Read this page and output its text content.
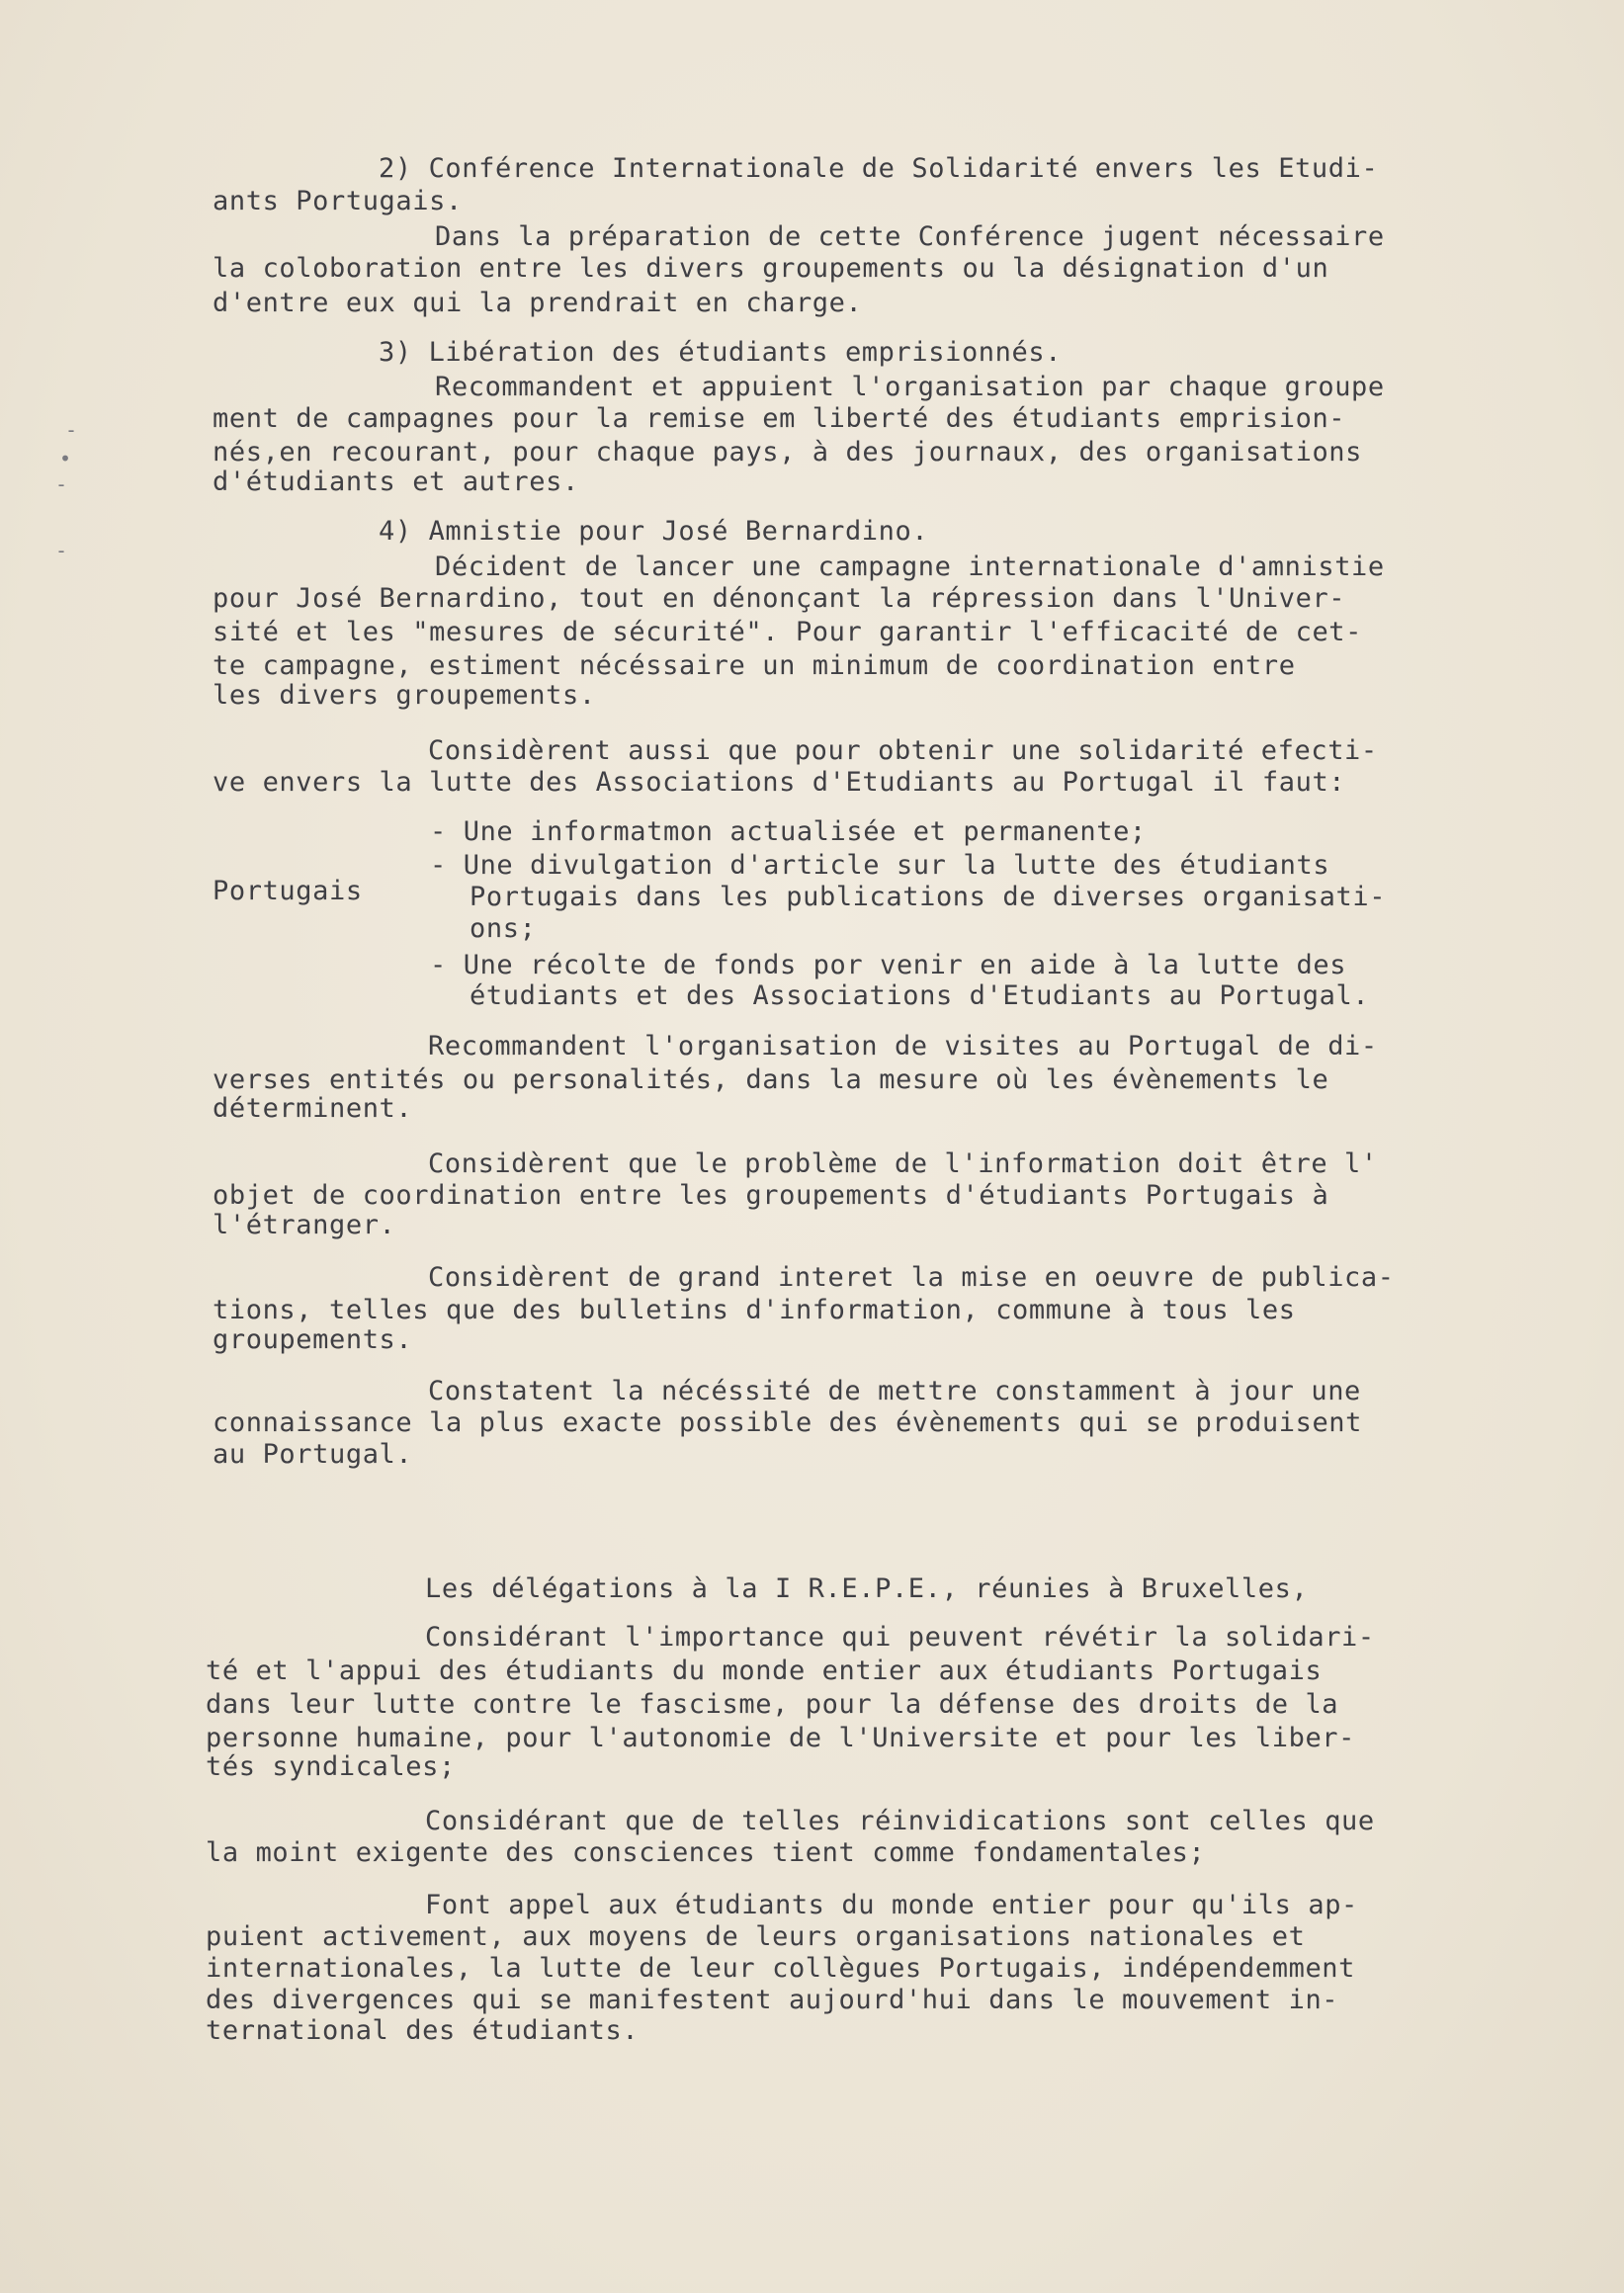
-
•
-
-
2) Conférence Internationale de Solidarité envers les Etudi-
ants Portugais.
Dans la préparation de cette Conférence jugent nécessaire
la coloboration entre les divers groupements ou la désignation d'un
d'entre eux qui la prendrait en charge.
3) Libération des étudiants emprisionnés.
Recommandent et appuient l'organisation par chaque groupe
ment de campagnes pour la remise em liberté des étudiants emprision-
nés,en recourant, pour chaque pays, à des journaux, des organisations
d'étudiants et autres.
4) Amnistie pour José Bernardino.
Décident de lancer une campagne internationale d'amnistie
pour José Bernardino, tout en dénonçant la répression dans l'Univer-
sité et les "mesures de sécurité". Pour garantir l'efficacité de cet-
te campagne, estiment nécéssaire un minimum de coordination entre
les divers groupements.
Considèrent aussi que pour obtenir une solidarité efecti-
ve envers la lutte des Associations d'Etudiants au Portugal il faut:
- Une informatmon actualisée et permanente;
- Une divulgation d'article sur la lutte des étudiants
Portugais	Portugais dans les publications de diverses organisati-
ons;
- Une récolte de fonds por venir en aide à la lutte des
étudiants et des Associations d'Etudiants au Portugal.
Recommandent l'organisation de visites au Portugal de di-
verses entités ou personalités, dans la mesure où les évènements le
déterminent.
Considèrent que le problème de l'information doit être l'
objet de coordination entre les groupements d'étudiants Portugais à
l'étranger.
Considèrent de grand interet la mise en oeuvre de publica-
tions, telles que des bulletins d'information, commune à tous les
groupements.
Constatent la nécéssité de mettre constamment à jour une
connaissance la plus exacte possible des évènements qui se produisent
au Portugal.
Les délégations à la I R.E.P.E., réunies à Bruxelles,
Considérant l'importance qui peuvent révétir la solidari-
té et l'appui des étudiants du monde entier aux étudiants Portugais
dans leur lutte contre le fascisme, pour la défense des droits de la
personne humaine, pour l'autonomie de l'Universite et pour les liber-
tés syndicales;
Considérant que de telles réinvidications sont celles que
la moint exigente des consciences tient comme fondamentales;
Font appel aux étudiants du monde entier pour qu'ils ap-
puient activement, aux moyens de leurs organisations nationales et
internationales, la lutte de leur collègues Portugais, indépendemment
des divergences qui se manifestent aujourd'hui dans le mouvement in-
ternational des étudiants.
